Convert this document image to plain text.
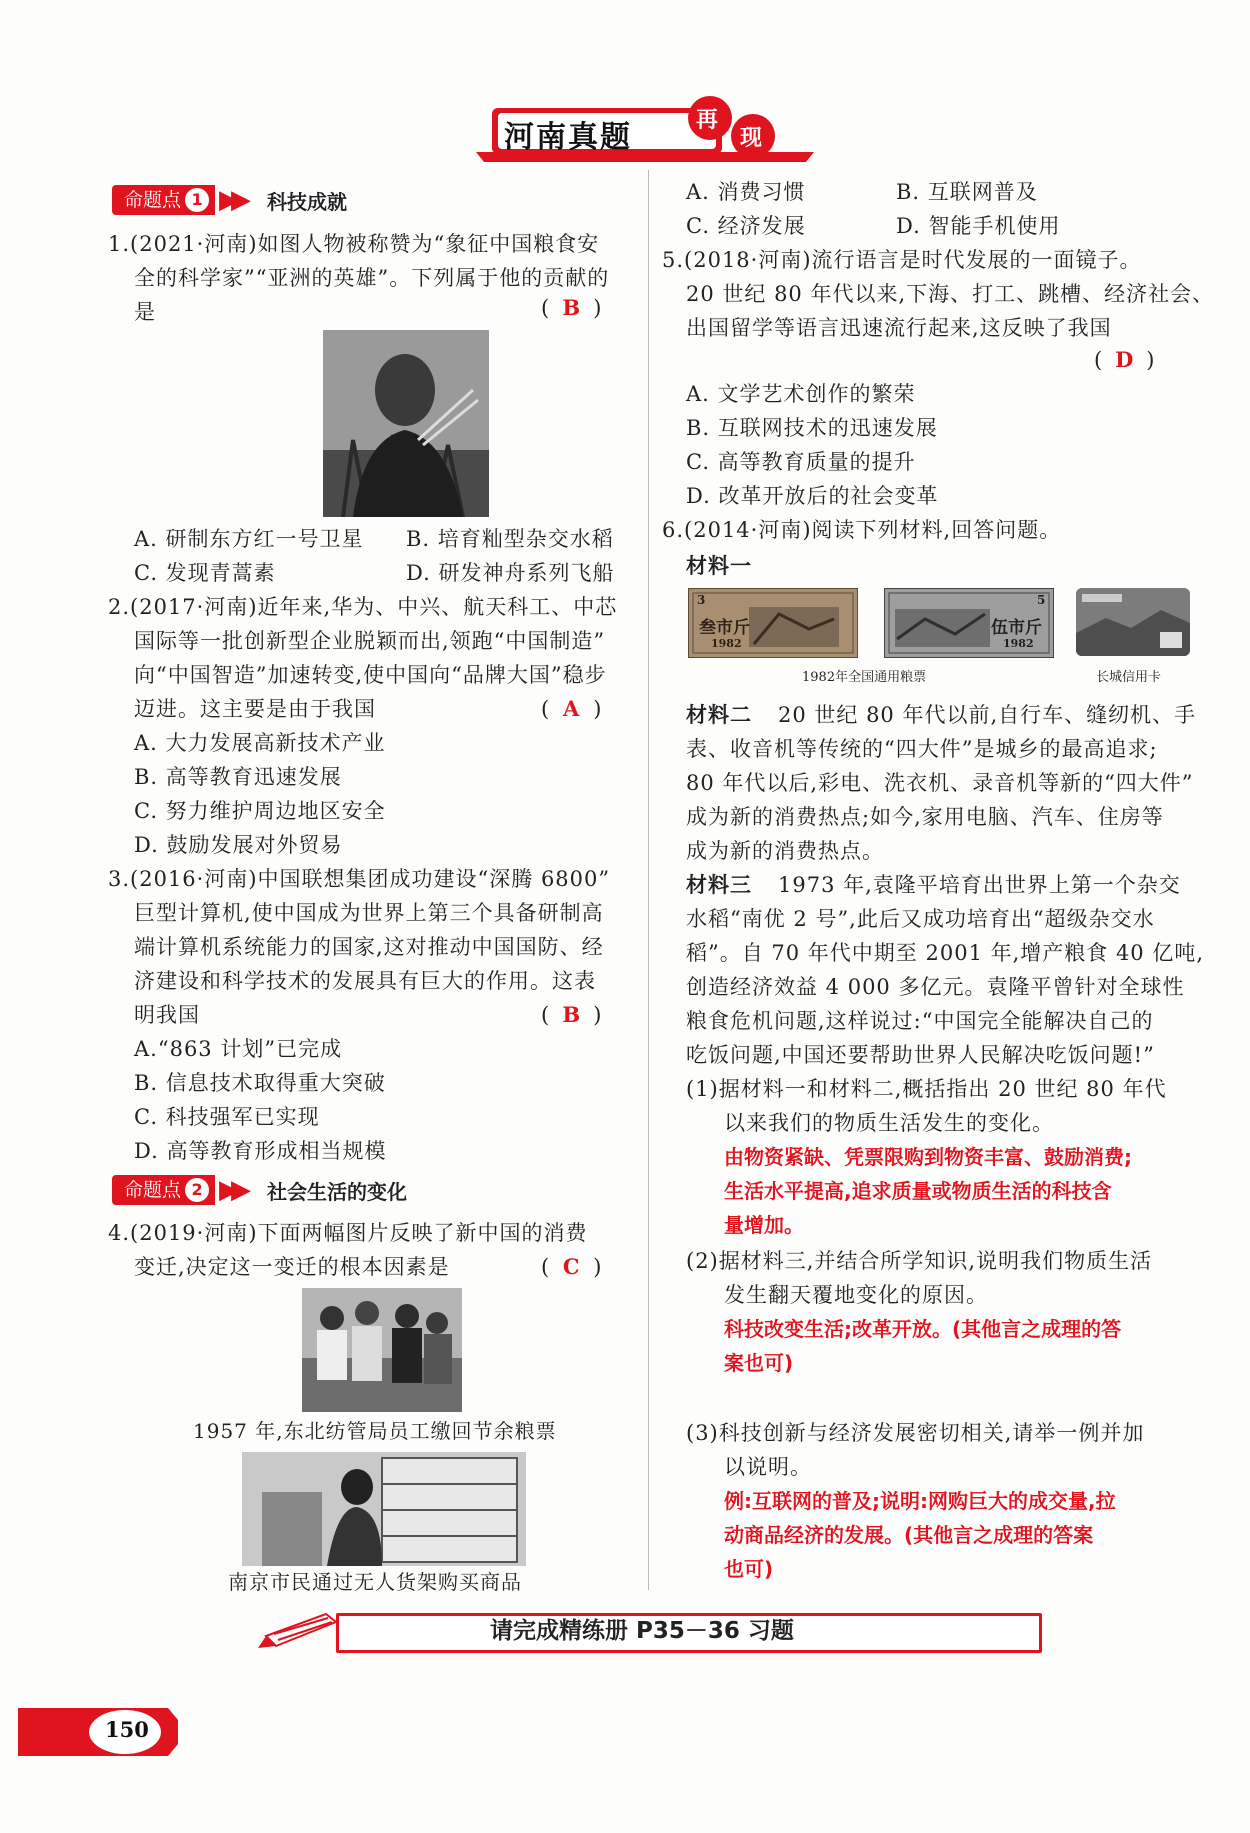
河南真题	再
现
命题点 1 ▶▶ 科技成就
1.(2021·河南)如图人物被称赞为“象征中国粮食安
全的科学家”“亚洲的英雄”。下列属于他的贡献的
是	( B )
A. 研制东方红一号卫星 B. 培育籼型杂交水稻
C. 发现青蒿素	D. 研发神舟系列飞船
2.(2017·河南)近年来,华为、中兴、航天科工、中芯
国际等一批创新型企业脱颖而出,领跑“中国制造”
向“中国智造”加速转变,使中国向“品牌大国”稳步
迈进。这主要是由于我国	( A )
A. 大力发展高新技术产业
B. 高等教育迅速发展
C. 努力维护周边地区安全
D. 鼓励发展对外贸易
3.(2016·河南)中国联想集团成功建设“深腾 6800”
巨型计算机,使中国成为世界上第三个具备研制高
端计算机系统能力的国家,这对推动中国国防、经
济建设和科学技术的发展具有巨大的作用。这表
明我国	( B )
A.“863 计划”已完成
B. 信息技术取得重大突破
C. 科技强军已实现
D. 高等教育形成相当规模
命题点 2 ▶▶ 社会生活的变化
4.(2019·河南)下面两幅图片反映了新中国的消费
变迁,决定这一变迁的根本因素是	( C )
1957 年,东北纺管局员工缴回节余粮票
南京市民通过无人货架购买商品
A. 消费习惯	B. 互联网普及
C. 经济发展	D. 智能手机使用
5.(2018·河南)流行语言是时代发展的一面镜子。
20 世纪 80 年代以来,下海、打工、跳槽、经济社会、
出国留学等语言迅速流行起来,这反映了我国
( D )
A. 文学艺术创作的繁荣
B. 互联网技术的迅速发展
C. 高等教育质量的提升
D. 改革开放后的社会变革
6.(2014·河南)阅读下列材料,回答问题。
材料一
3
叁市斤
1982
5
伍市斤
1982
1982年全国通用粮票	长城信用卡
材料二 20 世纪 80 年代以前,自行车、缝纫机、手
表、收音机等传统的“四大件”是城乡的最高追求;
80 年代以后,彩电、洗衣机、录音机等新的“四大件”
成为新的消费热点;如今,家用电脑、汽车、住房等
成为新的消费热点。
材料三 1973 年,袁隆平培育出世界上第一个杂交
水稻“南优 2 号”,此后又成功培育出“超级杂交水
稻”。自 70 年代中期至 2001 年,增产粮食 40 亿吨,
创造经济效益 4 000 多亿元。袁隆平曾针对全球性
粮食危机问题,这样说过:“中国完全能解决自己的
吃饭问题,中国还要帮助世界人民解决吃饭问题!”
(1)据材料一和材料二,概括指出 20 世纪 80 年代
以来我们的物质生活发生的变化。
由物资紧缺、凭票限购到物资丰富、鼓励消费;
生活水平提高,追求质量或物质生活的科技含
量增加。
(2)据材料三,并结合所学知识,说明我们物质生活
发生翻天覆地变化的原因。
科技改变生活;改革开放。(其他言之成理的答
案也可)
(3)科技创新与经济发展密切相关,请举一例并加
以说明。
例:互联网的普及;说明:网购巨大的成交量,拉
动商品经济的发展。(其他言之成理的答案
也可)
请完成精练册 P35－36 习题
150
